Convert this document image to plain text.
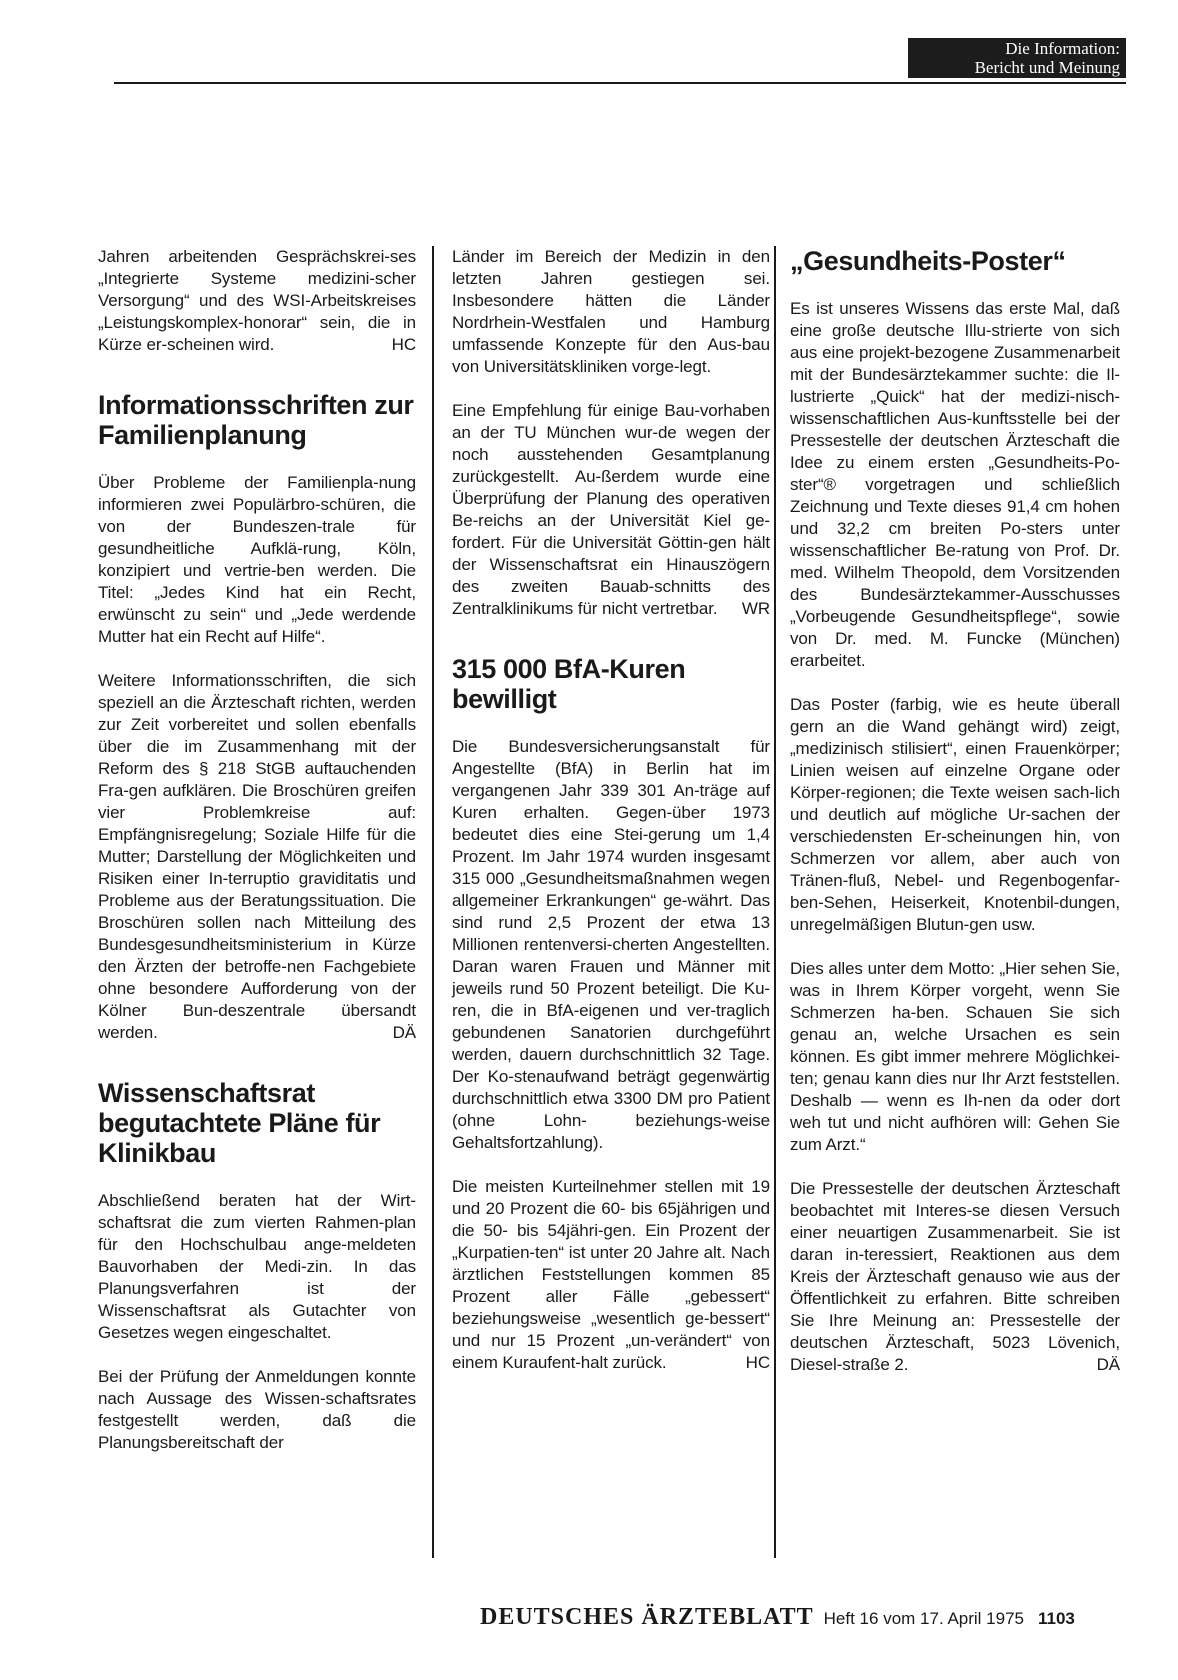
Die Information:
Bericht und Meinung

Jahren arbeitenden Gesprächskrei-ses „Integrierte Systeme medizini-scher Versorgung“ und des WSI-Arbeitskreises „Leistungskomplex-honorar“ sein, die in Kürze er-scheinen wird.	HC

Informationsschriften zur Familienplanung

Über Probleme der Familienpla-nung informieren zwei Populärbro-schüren, die von der Bundeszen-trale für gesundheitliche Aufklä-rung, Köln, konzipiert und vertrie-ben werden. Die Titel: „Jedes Kind hat ein Recht, erwünscht zu sein“ und „Jede werdende Mutter hat ein Recht auf Hilfe“.

Weitere Informationsschriften, die sich speziell an die Ärzteschaft richten, werden zur Zeit vorbereitet und sollen ebenfalls über die im Zusammenhang mit der Reform des § 218 StGB auftauchenden Fra-gen aufklären. Die Broschüren greifen vier Problemkreise auf: Empfängnisregelung; Soziale Hilfe für die Mutter; Darstellung der Möglichkeiten und Risiken einer In-terruptio graviditatis und Probleme aus der Beratungssituation. Die Broschüren sollen nach Mitteilung des Bundesgesundheitsministerium in Kürze den Ärzten der betroffe-nen Fachgebiete ohne besondere Aufforderung von der Kölner Bun-deszentrale übersandt werden.	DÄ

Wissenschaftsrat begutachtete Pläne für Klinikbau

Abschließend beraten hat der Wirt-schaftsrat die zum vierten Rahmen-plan für den Hochschulbau ange-meldeten Bauvorhaben der Medi-zin. In das Planungsverfahren ist der Wissenschaftsrat als Gutachter von Gesetzes wegen eingeschaltet.

Bei der Prüfung der Anmeldungen konnte nach Aussage des Wissen-schaftsrates festgestellt werden, daß die Planungsbereitschaft der

Länder im Bereich der Medizin in den letzten Jahren gestiegen sei. Insbesondere hätten die Länder Nordrhein-Westfalen und Hamburg umfassende Konzepte für den Aus-bau von Universitätskliniken vorge-legt.

Eine Empfehlung für einige Bau-vorhaben an der TU München wur-de wegen der noch ausstehenden Gesamtplanung zurückgestellt. Au-ßerdem wurde eine Überprüfung der Planung des operativen Be-reichs an der Universität Kiel ge-fordert. Für die Universität Göttin-gen hält der Wissenschaftsrat ein Hinauszögern des zweiten Bauab-schnitts des Zentralklinikums für nicht vertretbar. WR

315 000 BfA-Kuren bewilligt

Die Bundesversicherungsanstalt für Angestellte (BfA) in Berlin hat im vergangenen Jahr 339 301 An-träge auf Kuren erhalten. Gegen-über 1973 bedeutet dies eine Stei-gerung um 1,4 Prozent. Im Jahr 1974 wurden insgesamt 315 000 „Gesundheitsmaßnahmen wegen allgemeiner Erkrankungen“ ge-währt. Das sind rund 2,5 Prozent der etwa 13 Millionen rentenversi-cherten Angestellten. Daran waren Frauen und Männer mit jeweils rund 50 Prozent beteiligt. Die Ku-ren, die in BfA-eigenen und ver-traglich gebundenen Sanatorien durchgeführt werden, dauern durchschnittlich 32 Tage. Der Ko-stenaufwand beträgt gegenwärtig durchschnittlich etwa 3300 DM pro Patient (ohne Lohn- beziehungs-weise Gehaltsfortzahlung).

Die meisten Kurteilnehmer stellen mit 19 und 20 Prozent die 60- bis 65jährigen und die 50- bis 54jähri-gen. Ein Prozent der „Kurpatien-ten“ ist unter 20 Jahre alt. Nach ärztlichen Feststellungen kommen 85 Prozent aller Fälle „gebessert“ beziehungsweise „wesentlich ge-bessert“ und nur 15 Prozent „un-verändert“ von einem Kuraufent-halt zurück.	HC

„Gesundheits-Poster“

Es ist unseres Wissens das erste Mal, daß eine große deutsche Illu-strierte von sich aus eine projekt-bezogene Zusammenarbeit mit der Bundesärztekammer suchte: die Il-lustrierte „Quick“ hat der medizi-nisch-wissenschaftlichen Aus-kunftsstelle bei der Pressestelle der deutschen Ärzteschaft die Idee zu einem ersten „Gesundheits-Po-ster“® vorgetragen und schließlich Zeichnung und Texte dieses 91,4 cm hohen und 32,2 cm breiten Po-sters unter wissenschaftlicher Be-ratung von Prof. Dr. med. Wilhelm Theopold, dem Vorsitzenden des Bundesärztekammer-Ausschusses „Vorbeugende Gesundheitspflege“, sowie von Dr. med. M. Funcke (München) erarbeitet.

Das Poster (farbig, wie es heute überall gern an die Wand gehängt wird) zeigt, „medizinisch stilisiert“, einen Frauenkörper; Linien weisen auf einzelne Organe oder Körper-regionen; die Texte weisen sach-lich und deutlich auf mögliche Ur-sachen der verschiedensten Er-scheinungen hin, von Schmerzen vor allem, aber auch von Tränen-fluß, Nebel- und Regenbogenfar-ben-Sehen, Heiserkeit, Knotenbil-dungen, unregelmäßigen Blutun-gen usw.

Dies alles unter dem Motto: „Hier sehen Sie, was in Ihrem Körper vorgeht, wenn Sie Schmerzen ha-ben. Schauen Sie sich genau an, welche Ursachen es sein können. Es gibt immer mehrere Möglichkei-ten; genau kann dies nur Ihr Arzt feststellen. Deshalb — wenn es Ih-nen da oder dort weh tut und nicht aufhören will: Gehen Sie zum Arzt.“

Die Pressestelle der deutschen Ärzteschaft beobachtet mit Interes-se diesen Versuch einer neuartigen Zusammenarbeit. Sie ist daran in-teressiert, Reaktionen aus dem Kreis der Ärzteschaft genauso wie aus der Öffentlichkeit zu erfahren. Bitte schreiben Sie Ihre Meinung an: Pressestelle der deutschen Ärzteschaft, 5023 Lövenich, Diesel-straße 2.	DÄ

DEUTSCHES ÄRZTEBLATT Heft 16 vom 17. April 1975 1103
